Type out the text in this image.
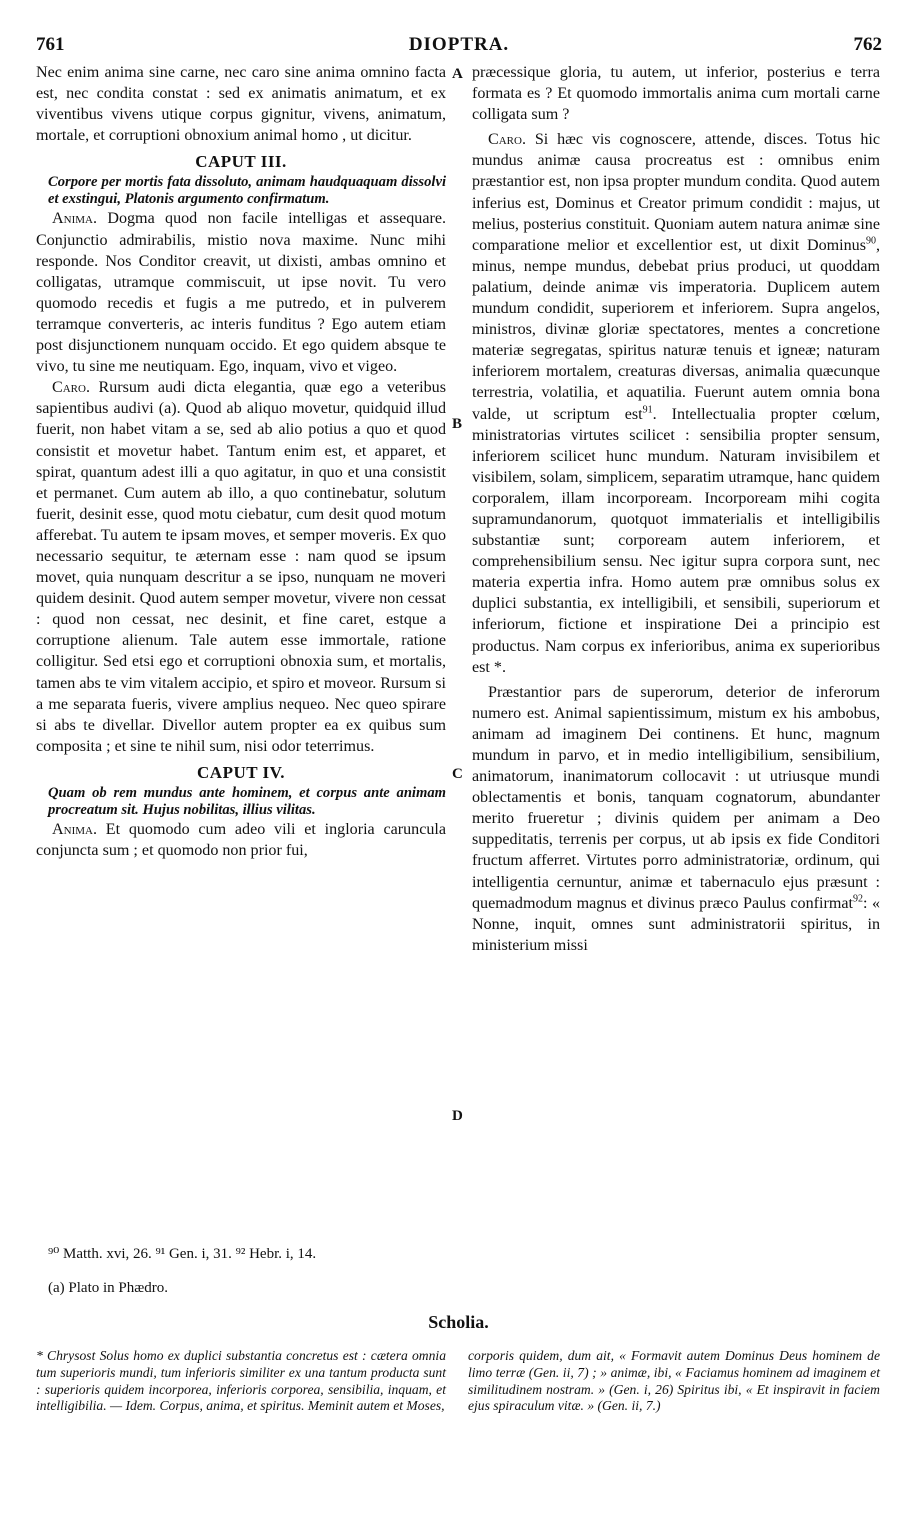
761	DIOPTRA.	762

Nec enim anima sine carne, nec caro sine anima omnino facta est, nec condita constat : sed ex animatis animatum, et ex viventibus vivens utique corpus gignitur, vivens, animatum, mortale, et corruptioni obnoxium animal homo , ut dicitur.

CAPUT III.

Corpore per mortis fata dissoluto, animam haudquaquam dissolvi et exstingui, Platonis argumento confirmatum.

Anima. Dogma quod non facile intelligas et assequare. Conjunctio admirabilis, mistio nova maxime. Nunc mihi responde. Nos Conditor creavit, ut dixisti, ambas omnino et colligatas, utramque commiscuit, ut ipse novit. Tu vero quomodo recedis et fugis a me putredo, et in pulverem terramque converteris, ac interis funditus ? Ego autem etiam post disjunctionem nunquam occido. Et ego quidem absque te vivo, tu sine me neutiquam. Ego, inquam, vivo et vigeo.

Caro. Rursum audi dicta elegantia, quæ ego a veteribus sapientibus audivi (a). Quod ab aliquo movetur, quidquid illud fuerit, non habet vitam a se, sed ab alio potius a quo et quod consistit et movetur habet. Tantum enim est, et apparet, et spirat, quantum adest illi a quo agitatur, in quo et una consistit et permanet. Cum autem ab illo, a quo continebatur, solutum fuerit, desinit esse, quod motu ciebatur, cum desit quod motum afferebat. Tu autem te ipsam moves, et semper moveris. Ex quo necessario sequitur, te æternam esse : nam quod se ipsum movet, quia nunquam descritur a se ipso, nunquam ne moveri quidem desinit. Quod autem semper movetur, vivere non cessat : quod non cessat, nec desinit, et fine caret, estque a corruptione alienum. Tale autem esse immortale, ratione colligitur. Sed etsi ego et corruptioni obnoxia sum, et mortalis, tamen abs te vim vitalem accipio, et spiro et moveor. Rursum si a me separata fueris, vivere amplius nequeo. Nec queo spirare si abs te divellar. Divellor autem propter ea ex quibus sum composita ; et sine te nihil sum, nisi odor teterrimus.

CAPUT IV.

Quam ob rem mundus ante hominem, et corpus ante animam procreatum sit. Hujus nobilitas, illius vilitas.

Anima. Et quomodo cum adeo vili et ingloria caruncula conjuncta sum ; et quomodo non prior fui,

A
B
C
D

præcessique gloria, tu autem, ut inferior, posterius e terra formata es ? Et quomodo immortalis anima cum mortali carne colligata sum ?

Caro. Si hæc vis cognoscere, attende, disces. Totus hic mundus animæ causa procreatus est : omnibus enim præstantior est, non ipsa propter mundum condita. Quod autem inferius est, Dominus et Creator primum condidit : majus, ut melius, posterius constituit. Quoniam autem natura animæ sine comparatione melior et excellentior est, ut dixit Dominus$^{90}$, minus, nempe mundus, debebat prius produci, ut quoddam palatium, deinde animæ vis imperatoria. Duplicem autem mundum condidit, superiorem et inferiorem. Supra angelos, ministros, divinæ gloriæ spectatores, mentes a concretione materiæ segregatas, spiritus naturæ tenuis et igneæ; naturam inferiorem mortalem, creaturas diversas, animalia quæcunque terrestria, volatilia, et aquatilia. Fuerunt autem omnia bona valde, ut scriptum est$^{91}$. Intellectualia propter cœlum, ministratorias virtutes scilicet : sensibilia propter sensum, inferiorem scilicet hunc mundum. Naturam invisibilem et visibilem, solam, simplicem, separatim utramque, hanc quidem corporalem, illam incorpoream. Incorpoream mihi cogita supramundanorum, quotquot immaterialis et intelligibilis substantiæ sunt; corpoream autem inferiorem, et comprehensibilium sensu. Nec igitur supra corpora sunt, nec materia expertia infra. Homo autem præ omnibus solus ex duplici substantia, ex intelligibili, et sensibili, superiorum et inferiorum, fictione et inspiratione Dei a principio est productus. Nam corpus ex inferioribus, anima ex superioribus est *.

Præstantior pars de superorum, deterior de inferorum numero est. Animal sapientissimum, mistum ex his ambobus, animam ad imaginem Dei continens. Et hunc, magnum mundum in parvo, et in medio intelligibilium, sensibilium, animatorum, inanimatorum collocavit : ut utriusque mundi oblectamentis et bonis, tanquam cognatorum, abundanter merito frueretur ; divinis quidem per animam a Deo suppeditatis, terrenis per corpus, ut ab ipsis ex fide Conditori fructum afferret. Virtutes porro administratoriæ, ordinum, qui intelligentia cernuntur, animæ et tabernaculo ejus præsunt : quemadmodum magnus et divinus præco Paulus confirmat$^{92}$: « Nonne, inquit, omnes sunt administratorii spiritus, in ministerium missi

⁹⁰ Matth. xvi, 26. ⁹¹ Gen. i, 31. ⁹² Hebr. i, 14.

(a) Plato in Phædro.

Scholia.
* Chrysost Solus homo ex duplici substantia concretus est : cætera omnia tum superioris mundi, tum inferioris similiter ex una tantum producta sunt : superioris quidem incorporea, inferioris corporea, sensibilia, inquam, et intelligibilia. — Idem. Corpus, anima, et spiritus. Meminit autem et Moses,
corporis quidem, dum ait, « Formavit autem Dominus Deus hominem de limo terræ (Gen. ii, 7) ; » animæ, ibi, « Faciamus hominem ad imaginem et similitudinem nostram. » (Gen. i, 26) Spiritus ibi, « Et inspiravit in faciem ejus spiraculum vitæ. » (Gen. ii, 7.)
